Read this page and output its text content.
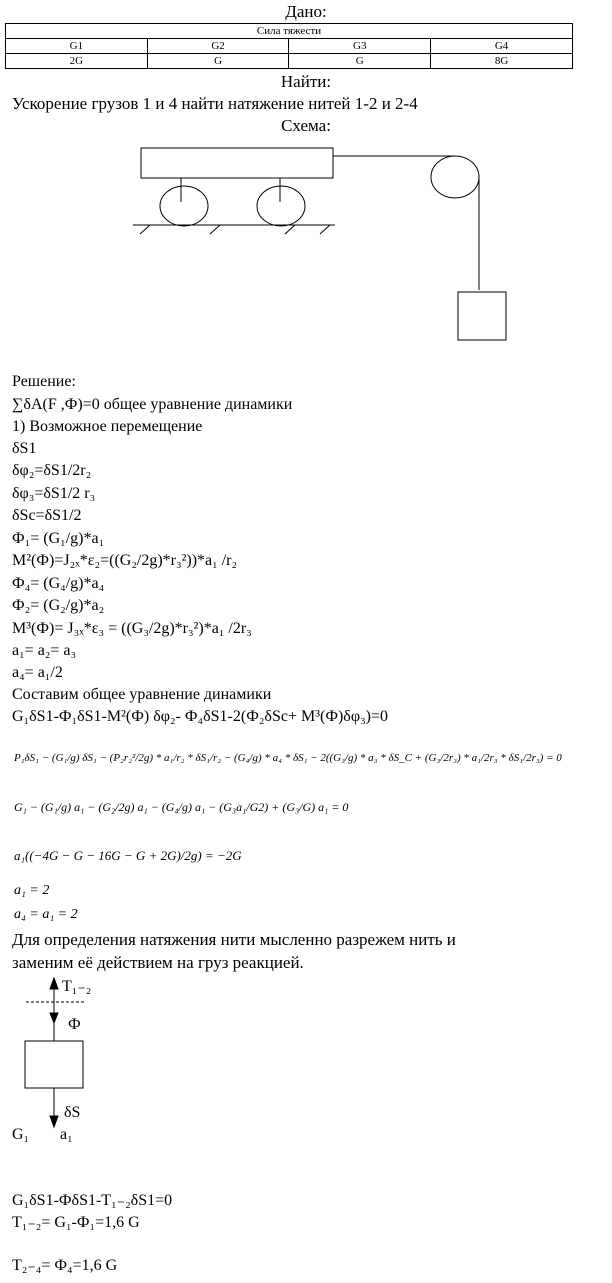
Дано:
Сила тяжести			
G1	G2	G3	G4
2G	G	G	8G
Найти:
Ускорение грузов 1 и 4 найти натяжение нитей 1-2 и 2-4
Схема:
Решение:
∑δA(F ,Ф)=0 общее уравнение динамики
1) Возможное перемещение
δS1
δφ₂=δS1/2r₂
δφ₃=δS1/2 r₃
δSc=δS1/2
Ф₁= (G₁/g)*a₁
M²(Ф)=J₂ₓ*ε₂=((G₂/2g)*r₃²))*a₁ /r₂
Ф₄= (G₄/g)*a₄
Ф₂= (G₂/g)*a₂
M³(Ф)= J₃ₓ*ε₃ = ((G₃/2g)*r₃²)*a₁ /2r₃
a₁= a₂= a₃
a₄= a₁/2
Составим общее уравнение динамики
G₁δS1-Ф₁δS1-M²(Ф) δφ₂- Ф₄δS1-2(Ф₂δSc+ M³(Ф)δφ₃)=0
P₁δS₁ − (G₁/g) δS₁ − (P₂r₂²/2g) * a₁/r₂ * δS₁/r₂ − (G₄/g) * a₄ * δS₁ − 2((G₃/g) * a₃ * δS_C + (G₃/2r₃) * a₁/2r₃ * δS₁/2r₃) = 0
G₁ − (G₁/g) a₁ − (G₂/2g) a₁ − (G₄/g) a₁ − (G₃a₁/G2) + (G₃/G) a₁ = 0
a₁((−4G − G − 16G − G + 2G)/2g) = −2G
a₁ = 2
a₄ = a₁ = 2
Для определения натяжения нити мысленно разрежем нить и
заменим её действием на груз реакцией.
T₁₋₂
Ф
δS
G₁ a₁
G₁δS1-ФδS1-T₁₋₂δS1=0
T₁₋₂= G₁-Ф₁=1,6 G
T₂₋₄= Ф₄=1,6 G
